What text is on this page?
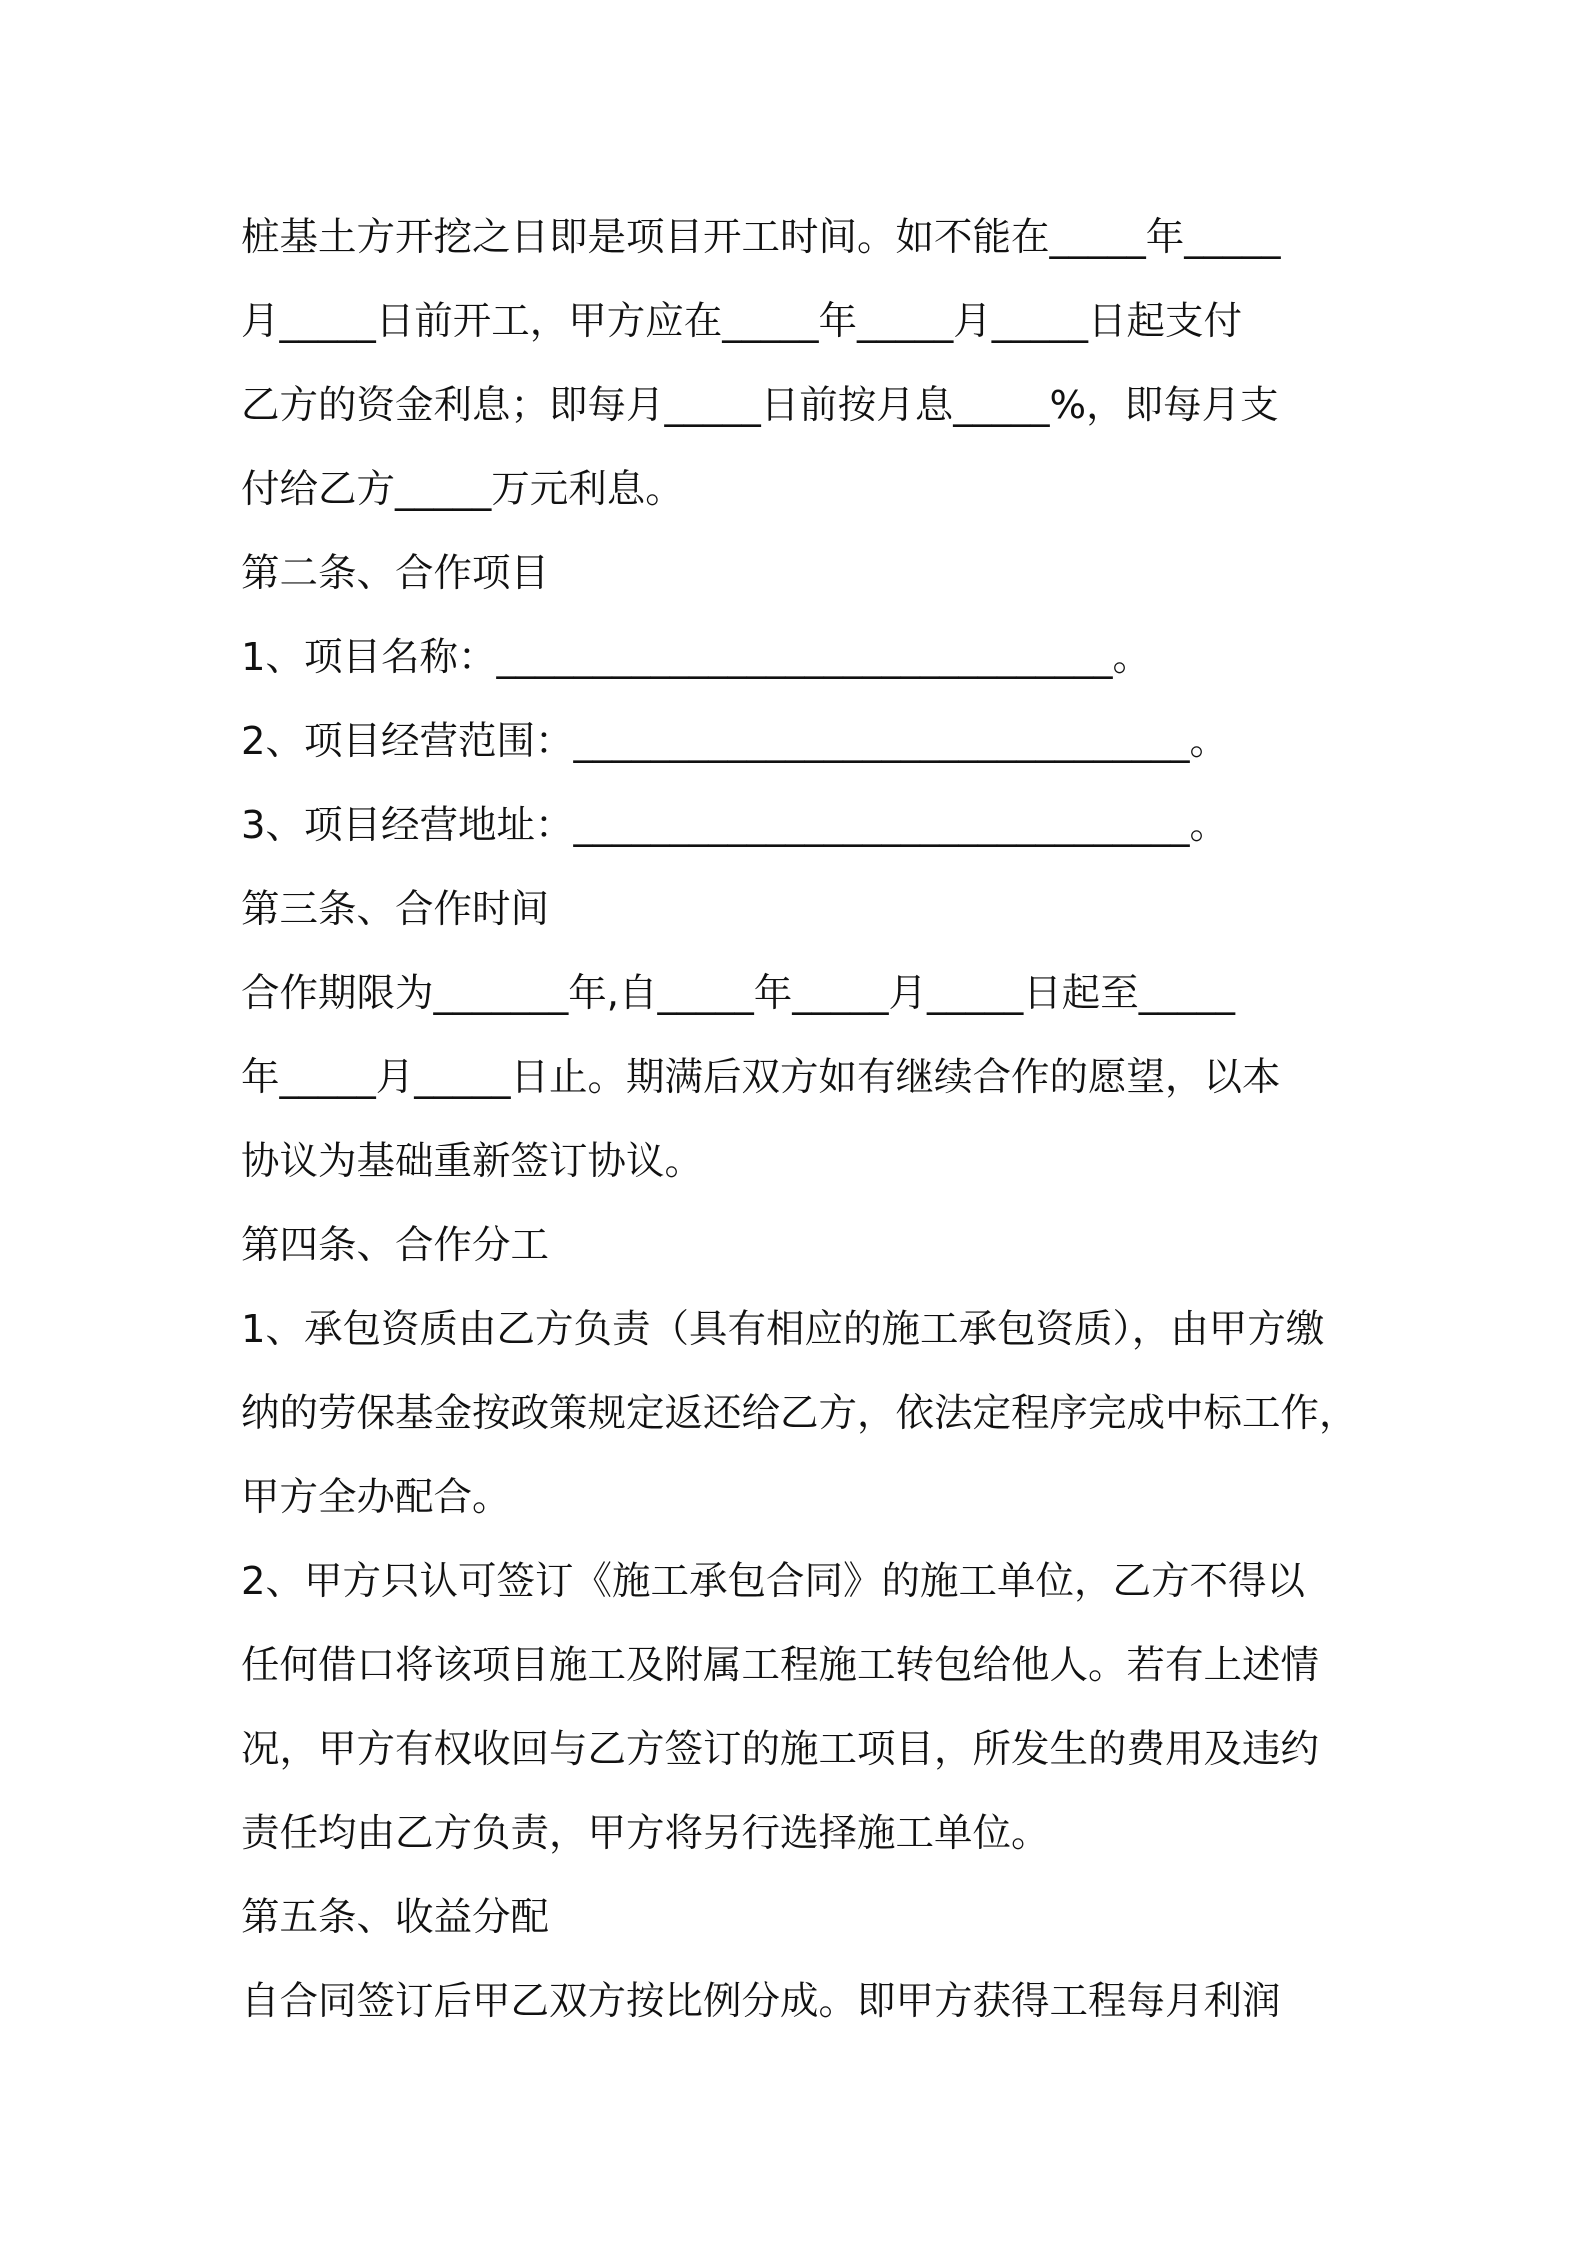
桩基土方开挖之日即是项目开工时间。如不能在_____年_____

月_____日前开工，甲方应在_____年_____月_____日起支付

乙方的资金利息；即每月_____日前按月息_____%，即每月支

付给乙方_____万元利息。

第二条、合作项目

1、项目名称：________________________________。

2、项目经营范围：________________________________。

3、项目经营地址：________________________________。

第三条、合作时间

合作期限为_______年,自_____年_____月_____日起至_____

年_____月_____日止。期满后双方如有继续合作的愿望，以本

协议为基础重新签订协议。

第四条、合作分工

1、承包资质由乙方负责（具有相应的施工承包资质），由甲方缴

纳的劳保基金按政策规定返还给乙方，依法定程序完成中标工作，

甲方全办配合。

2、甲方只认可签订《施工承包合同》的施工单位，乙方不得以

任何借口将该项目施工及附属工程施工转包给他人。若有上述情

况，甲方有权收回与乙方签订的施工项目，所发生的费用及违约

责任均由乙方负责，甲方将另行选择施工单位。

第五条、收益分配

自合同签订后甲乙双方按比例分成。即甲方获得工程每月利润
